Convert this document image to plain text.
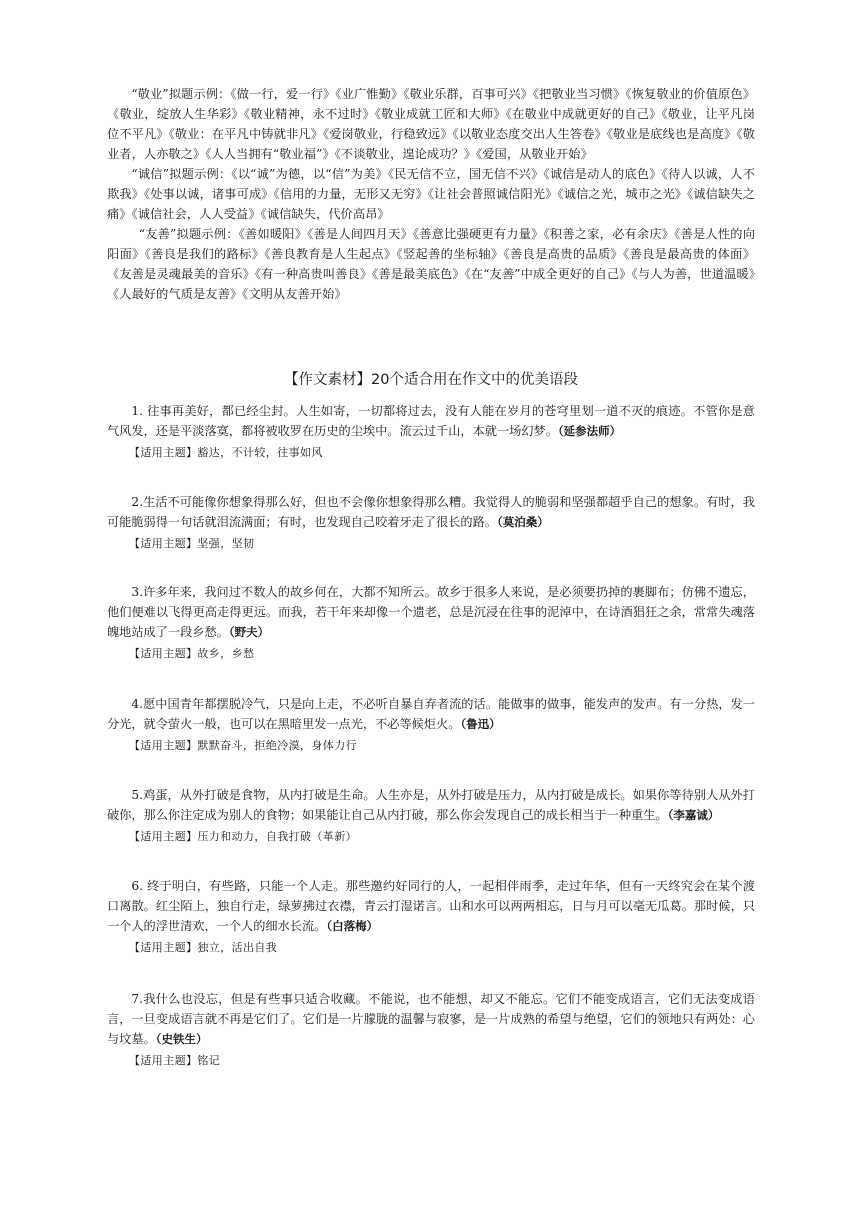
“敬业”拟题示例：《做一行，爱一行》《业广惟勤》《敬业乐群，百事可兴》《把敬业当习惯》《恢复敬业的价值原色》《敬业，绽放人生华彩》《敬业精神，永不过时》《敬业成就工匠和大师》《在敬业中成就更好的自己》《敬业，让平凡岗位不平凡》《敬业：在平凡中铸就非凡》《爱岗敬业，行稳致远》《以敬业态度交出人生答卷》《敬业是底线也是高度》《敬业者，人亦敬之》《人人当拥有“敬业福”》《不谈敬业，遑论成功？》《爱国，从敬业开始》

“诚信”拟题示例：《以“诚”为德，以“信”为美》《民无信不立，国无信不兴》《诚信是动人的底色》《待人以诚，人不欺我》《处事以诚，诸事可成》《信用的力量，无形又无穷》《让社会普照诚信阳光》《诚信之光，城市之光》《诚信缺失之痛》《诚信社会，人人受益》《诚信缺失，代价高昂》

“友善”拟题示例：《善如暖阳》《善是人间四月天》《善意比强硬更有力量》《积善之家，必有余庆》《善是人性的向阳面》《善良是我们的路标》《善良教育是人生起点》《竖起善的坐标轴》《善良是高贵的品质》《善良是最高贵的体面》《友善是灵魂最美的音乐》《有一种高贵叫善良》《善是最美底色》《在“友善”中成全更好的自己》《与人为善，世道温暖》《人最好的气质是友善》《文明从友善开始》

【作文素材】20个适合用在作文中的优美语段

1. 往事再美好，都已经尘封。人生如寄，一切都将过去，没有人能在岁月的苍穹里划一道不灭的痕迹。不管你是意气风发，还是平淡落寞，都将被收罗在历史的尘埃中。流云过千山，本就一场幻梦。（延参法师）

【适用主题】豁达，不计较，往事如风

2.生活不可能像你想象得那么好，但也不会像你想象得那么糟。我觉得人的脆弱和坚强都超乎自己的想象。有时，我可能脆弱得一句话就泪流满面；有时，也发现自己咬着牙走了很长的路。（莫泊桑）

【适用主题】坚强，坚韧

3.许多年来，我问过不数人的故乡何在，大都不知所云。故乡于很多人来说，是必须要扔掉的裹脚布；仿佛不遗忘，他们便难以飞得更高走得更远。而我，若干年来却像一个遗老，总是沉浸在往事的泥淖中，在诗酒猖狂之余，常常失魂落魄地站成了一段乡愁。（野夫）

【适用主题】故乡，乡愁

4.愿中国青年都摆脱冷气，只是向上走，不必听自暴自弃者流的话。能做事的做事，能发声的发声。有一分热，发一分光，就令萤火一般，也可以在黑暗里发一点光，不必等候炬火。（鲁迅）

【适用主题】默默奋斗，拒绝冷漠，身体力行

5.鸡蛋，从外打破是食物，从内打破是生命。人生亦是，从外打破是压力，从内打破是成长。如果你等待别人从外打破你，那么你注定成为别人的食物；如果能让自己从内打破，那么你会发现自己的成长相当于一种重生。（李嘉诚）

【适用主题】压力和动力，自我打破（革新）

6. 终于明白，有些路，只能一个人走。那些邀约好同行的人，一起相伴雨季，走过年华，但有一天终究会在某个渡口离散。红尘陌上，独自行走，绿萝拂过衣襟，青云打湿诺言。山和水可以两两相忘，日与月可以毫无瓜葛。那时候，只一个人的浮世清欢，一个人的细水长流。（白落梅）

【适用主题】独立，活出自我

7.我什么也没忘，但是有些事只适合收藏。不能说，也不能想，却又不能忘。它们不能变成语言，它们无法变成语言，一旦变成语言就不再是它们了。它们是一片朦胧的温馨与寂寥，是一片成熟的希望与绝望，它们的领地只有两处：心与坟墓。（史铁生）

【适用主题】铭记
